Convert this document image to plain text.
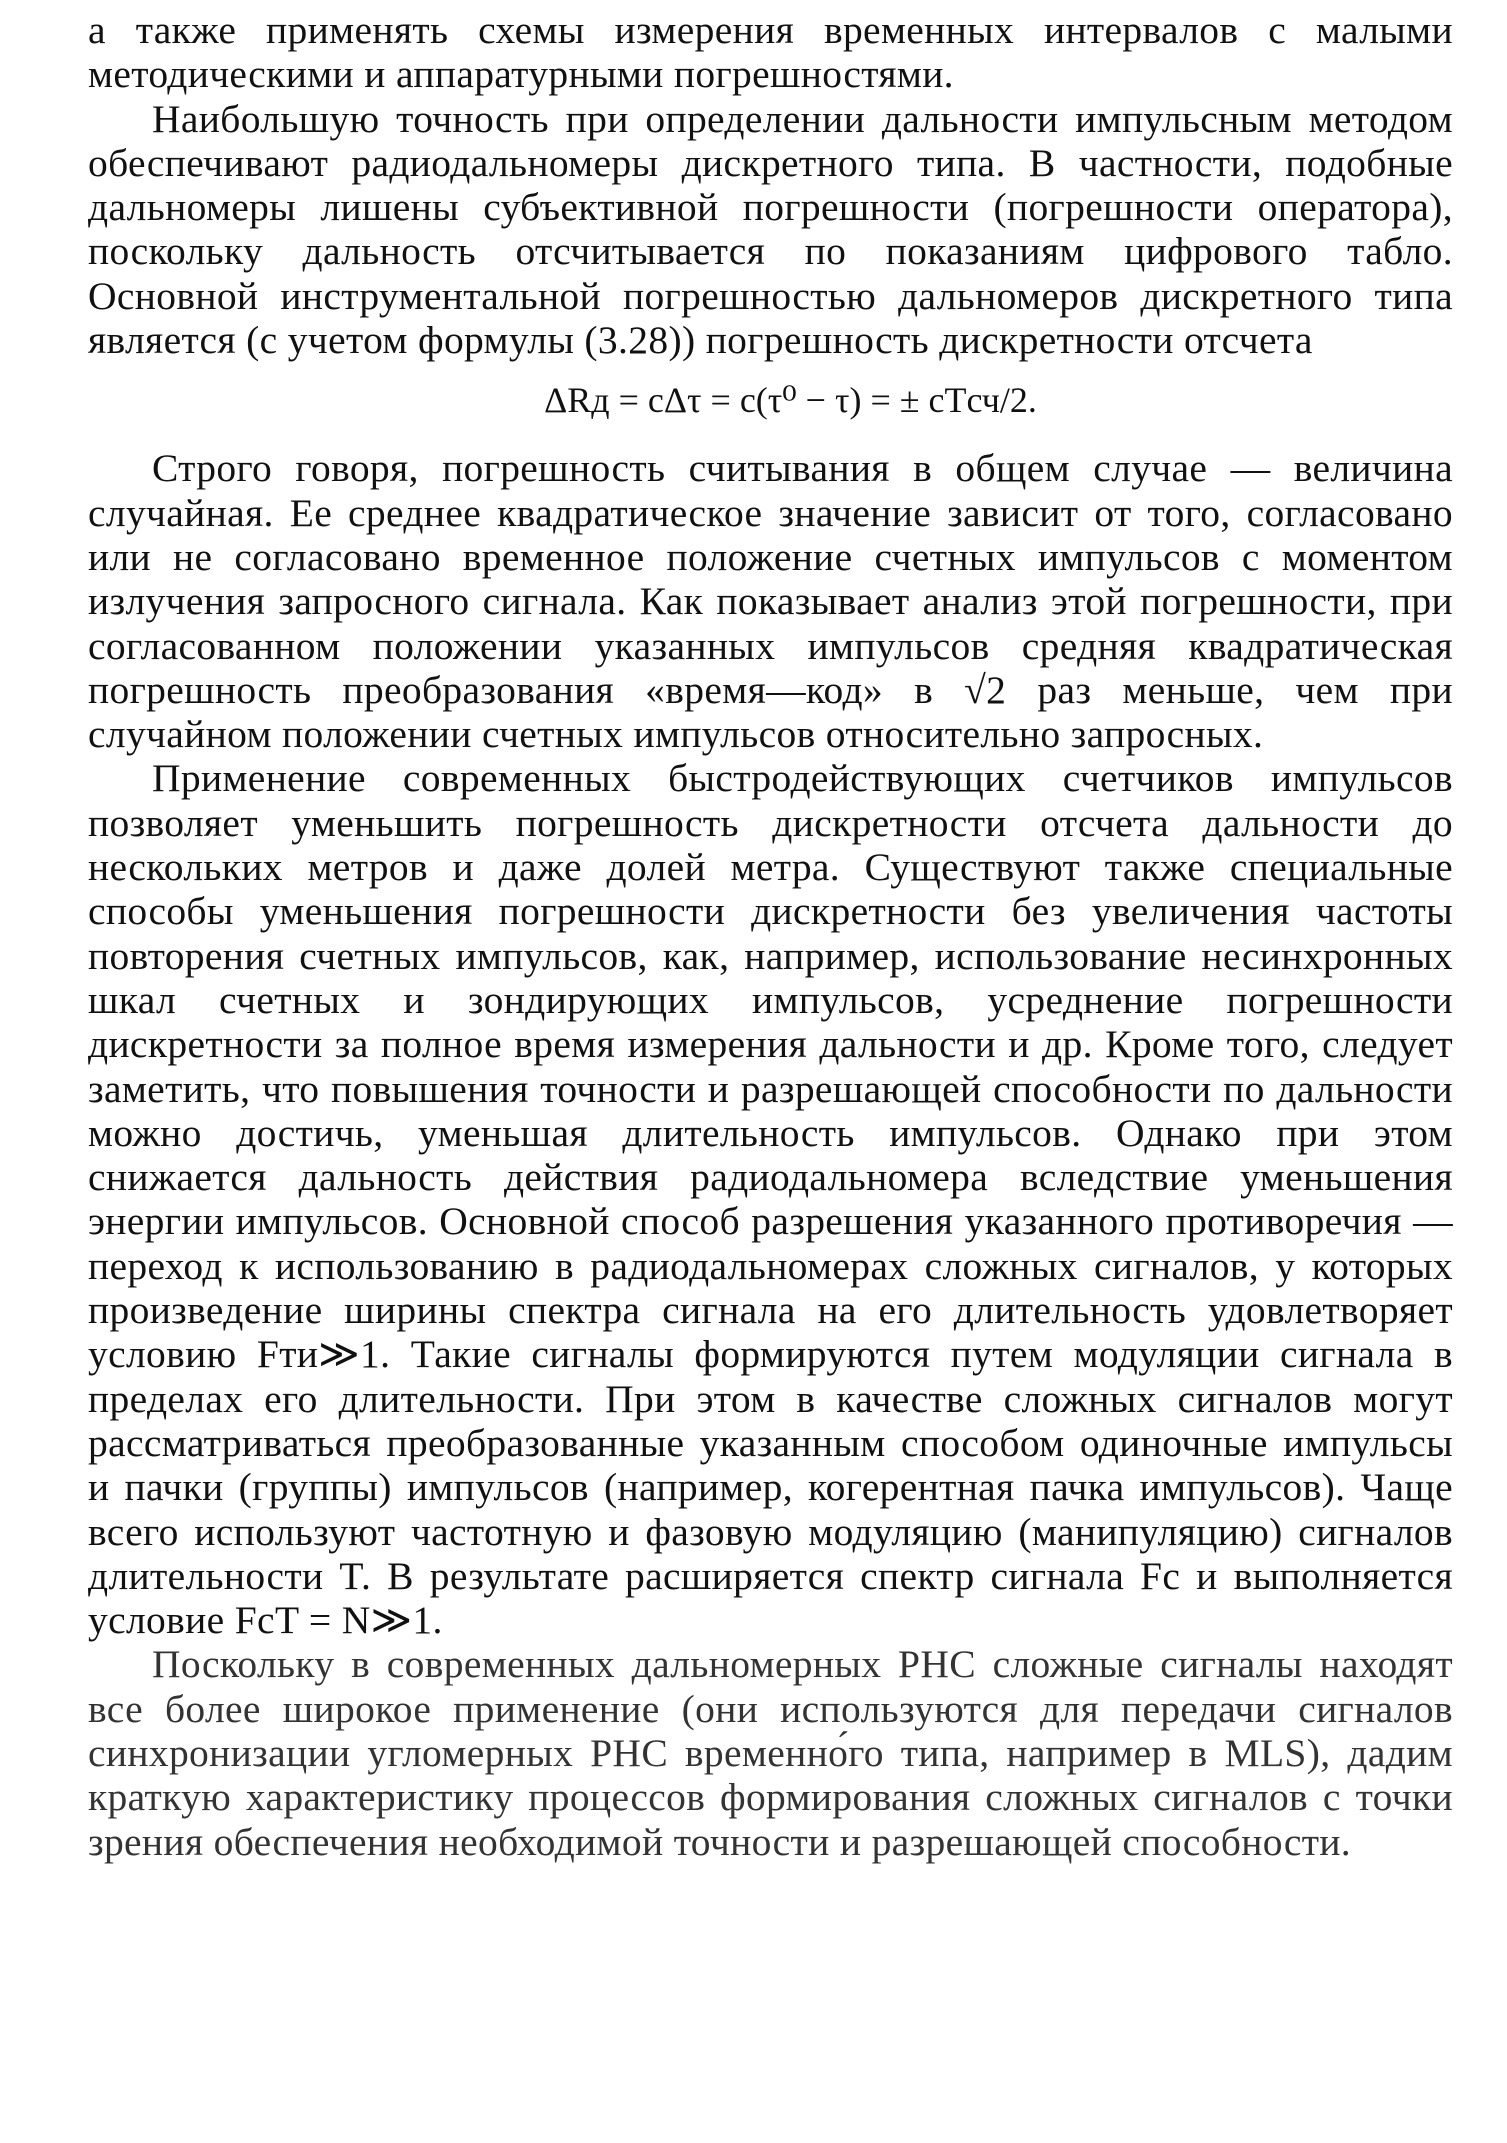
а также применять схемы измерения временных интервалов с малыми методическими и аппаратурными погрешностями.

Наибольшую точность при определении дальности импульсным методом обеспечивают радиодальномеры дискретного типа. В частности, подобные дальномеры лишены субъективной погрешности (погрешности оператора), поскольку дальность отсчитывается по показаниям цифрового табло. Основной инструментальной погрешностью дальномеров дискретного типа является (с учетом формулы (3.28)) погрешность дискретности отсчета

ΔRд = cΔτ = c(τ⁰ − τ) = ± cTсч/2.

Строго говоря, погрешность считывания в общем случае — величина случайная. Ее среднее квадратическое значение зависит от того, согласовано или не согласовано временное положение счетных импульсов с моментом излучения запросного сигнала. Как показывает анализ этой погрешности, при согласованном положении указанных импульсов средняя квадратическая погрешность преобразования «время—код» в √2 раз меньше, чем при случайном положении счетных импульсов относительно запросных.

Применение современных быстродействующих счетчиков импульсов позволяет уменьшить погрешность дискретности отсчета дальности до нескольких метров и даже долей метра. Существуют также специальные способы уменьшения погрешности дискретности без увеличения частоты повторения счетных импульсов, как, например, использование несинхронных шкал счетных и зондирующих импульсов, усреднение погрешности дискретности за полное время измерения дальности и др. Кроме того, следует заметить, что повышения точности и разрешающей способности по дальности можно достичь, уменьшая длительность импульсов. Однако при этом снижается дальность действия радиодальномера вследствие уменьшения энергии импульсов. Основной способ разрешения указанного противоречия — переход к использованию в радиодальномерах сложных сигналов, у которых произведение ширины спектра сигнала на его длительность удовлетворяет условию Fти≫1. Такие сигналы формируются путем модуляции сигнала в пределах его длительности. При этом в качестве сложных сигналов могут рассматриваться преобразованные указанным способом одиночные импульсы и пачки (группы) импульсов (например, когерентная пачка импульсов). Чаще всего используют частотную и фазовую модуляцию (манипуляцию) сигналов длительности T. В результате расширяется спектр сигнала Fс и выполняется условие FсT = N≫1.

Поскольку в современных дальномерных РНС сложные сигналы находят все более широкое применение (они используются для передачи сигналов синхронизации угломерных РНС временно́го типа, например в MLS), дадим краткую характеристику процессов формирования сложных сигналов с точки зрения обеспечения необходимой точности и разрешающей способности.
